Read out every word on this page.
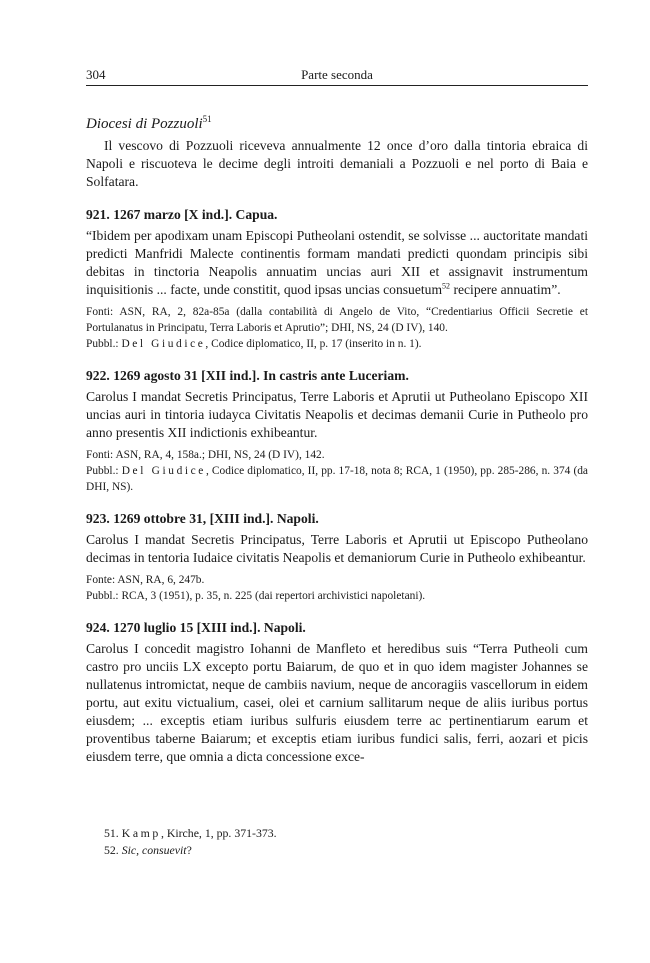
304	Parte seconda
Diocesi di Pozzuoli$^{51}$

Il vescovo di Pozzuoli riceveva annualmente 12 once d’oro dalla tintoria ebraica di Napoli e riscuoteva le decime degli introiti demaniali a Pozzuoli e nel porto di Baia e Solfatara.

921. 1267 marzo [X ind.]. Capua.

“Ibidem per apodixam unam Episcopi Putheolani ostendit, se solvisse ... auctoritate mandati predicti Manfridi Malecte continentis formam mandati predicti quondam principis sibi debitas in tinctoria Neapolis annuatim uncias auri XII et assignavit instrumentum inquisitionis ... facte, unde constitit, quod ipsas uncias consuetum$^{52}$ recipere annuatim”.

Fonti: ASN, RA, 2, 82a-85a (dalla contabilità di Angelo de Vito, “Credentiarius Officii Secretie et Portulanatus in Principatu, Terra Laboris et Aprutio”; DHI, NS, 24 (D IV), 140.

Pubbl.: Del Giudice, Codice diplomatico, II, p. 17 (inserito in n. 1).

922. 1269 agosto 31 [XII ind.]. In castris ante Luceriam.

Carolus I mandat Secretis Principatus, Terre Laboris et Aprutii ut Putheolano Episcopo XII uncias auri in tintoria iudayca Civitatis Neapolis et decimas demanii Curie in Putheolo pro anno presentis XII indictionis exhibeantur.

Fonti: ASN, RA, 4, 158a.; DHI, NS, 24 (D IV), 142.

Pubbl.: Del Giudice, Codice diplomatico, II, pp. 17-18, nota 8; RCA, 1 (1950), pp. 285-286, n. 374 (da DHI, NS).

923. 1269 ottobre 31, [XIII ind.]. Napoli.

Carolus I mandat Secretis Principatus, Terre Laboris et Aprutii ut Episcopo Putheolano decimas in tentoria Iudaice civitatis Neapolis et demaniorum Curie in Putheolo exhibeantur.

Fonte: ASN, RA, 6, 247b.

Pubbl.: RCA, 3 (1951), p. 35, n. 225 (dai repertori archivistici napoletani).

924. 1270 luglio 15 [XIII ind.]. Napoli.

Carolus I concedit magistro Iohanni de Manfleto et heredibus suis “Terra Putheoli cum castro pro unciis LX excepto portu Baiarum, de quo et in quo idem magister Johannes se nullatenus intromictat, neque de cambiis navium, neque de ancoragiis vascellorum in eidem portu, aut exitu victualium, casei, olei et carnium sallitarum neque de aliis iuribus portus eiusdem; ... exceptis etiam iuribus sulfuris eiusdem terre ac pertinentiarum earum et proventibus taberne Baiarum; et exceptis etiam iuribus fundici salis, ferri, aozari et picis eiusdem terre, que omnia a dicta concessione exce-

51. Kamp, Kirche, 1, pp. 371-373.
52. Sic, consuevit?
